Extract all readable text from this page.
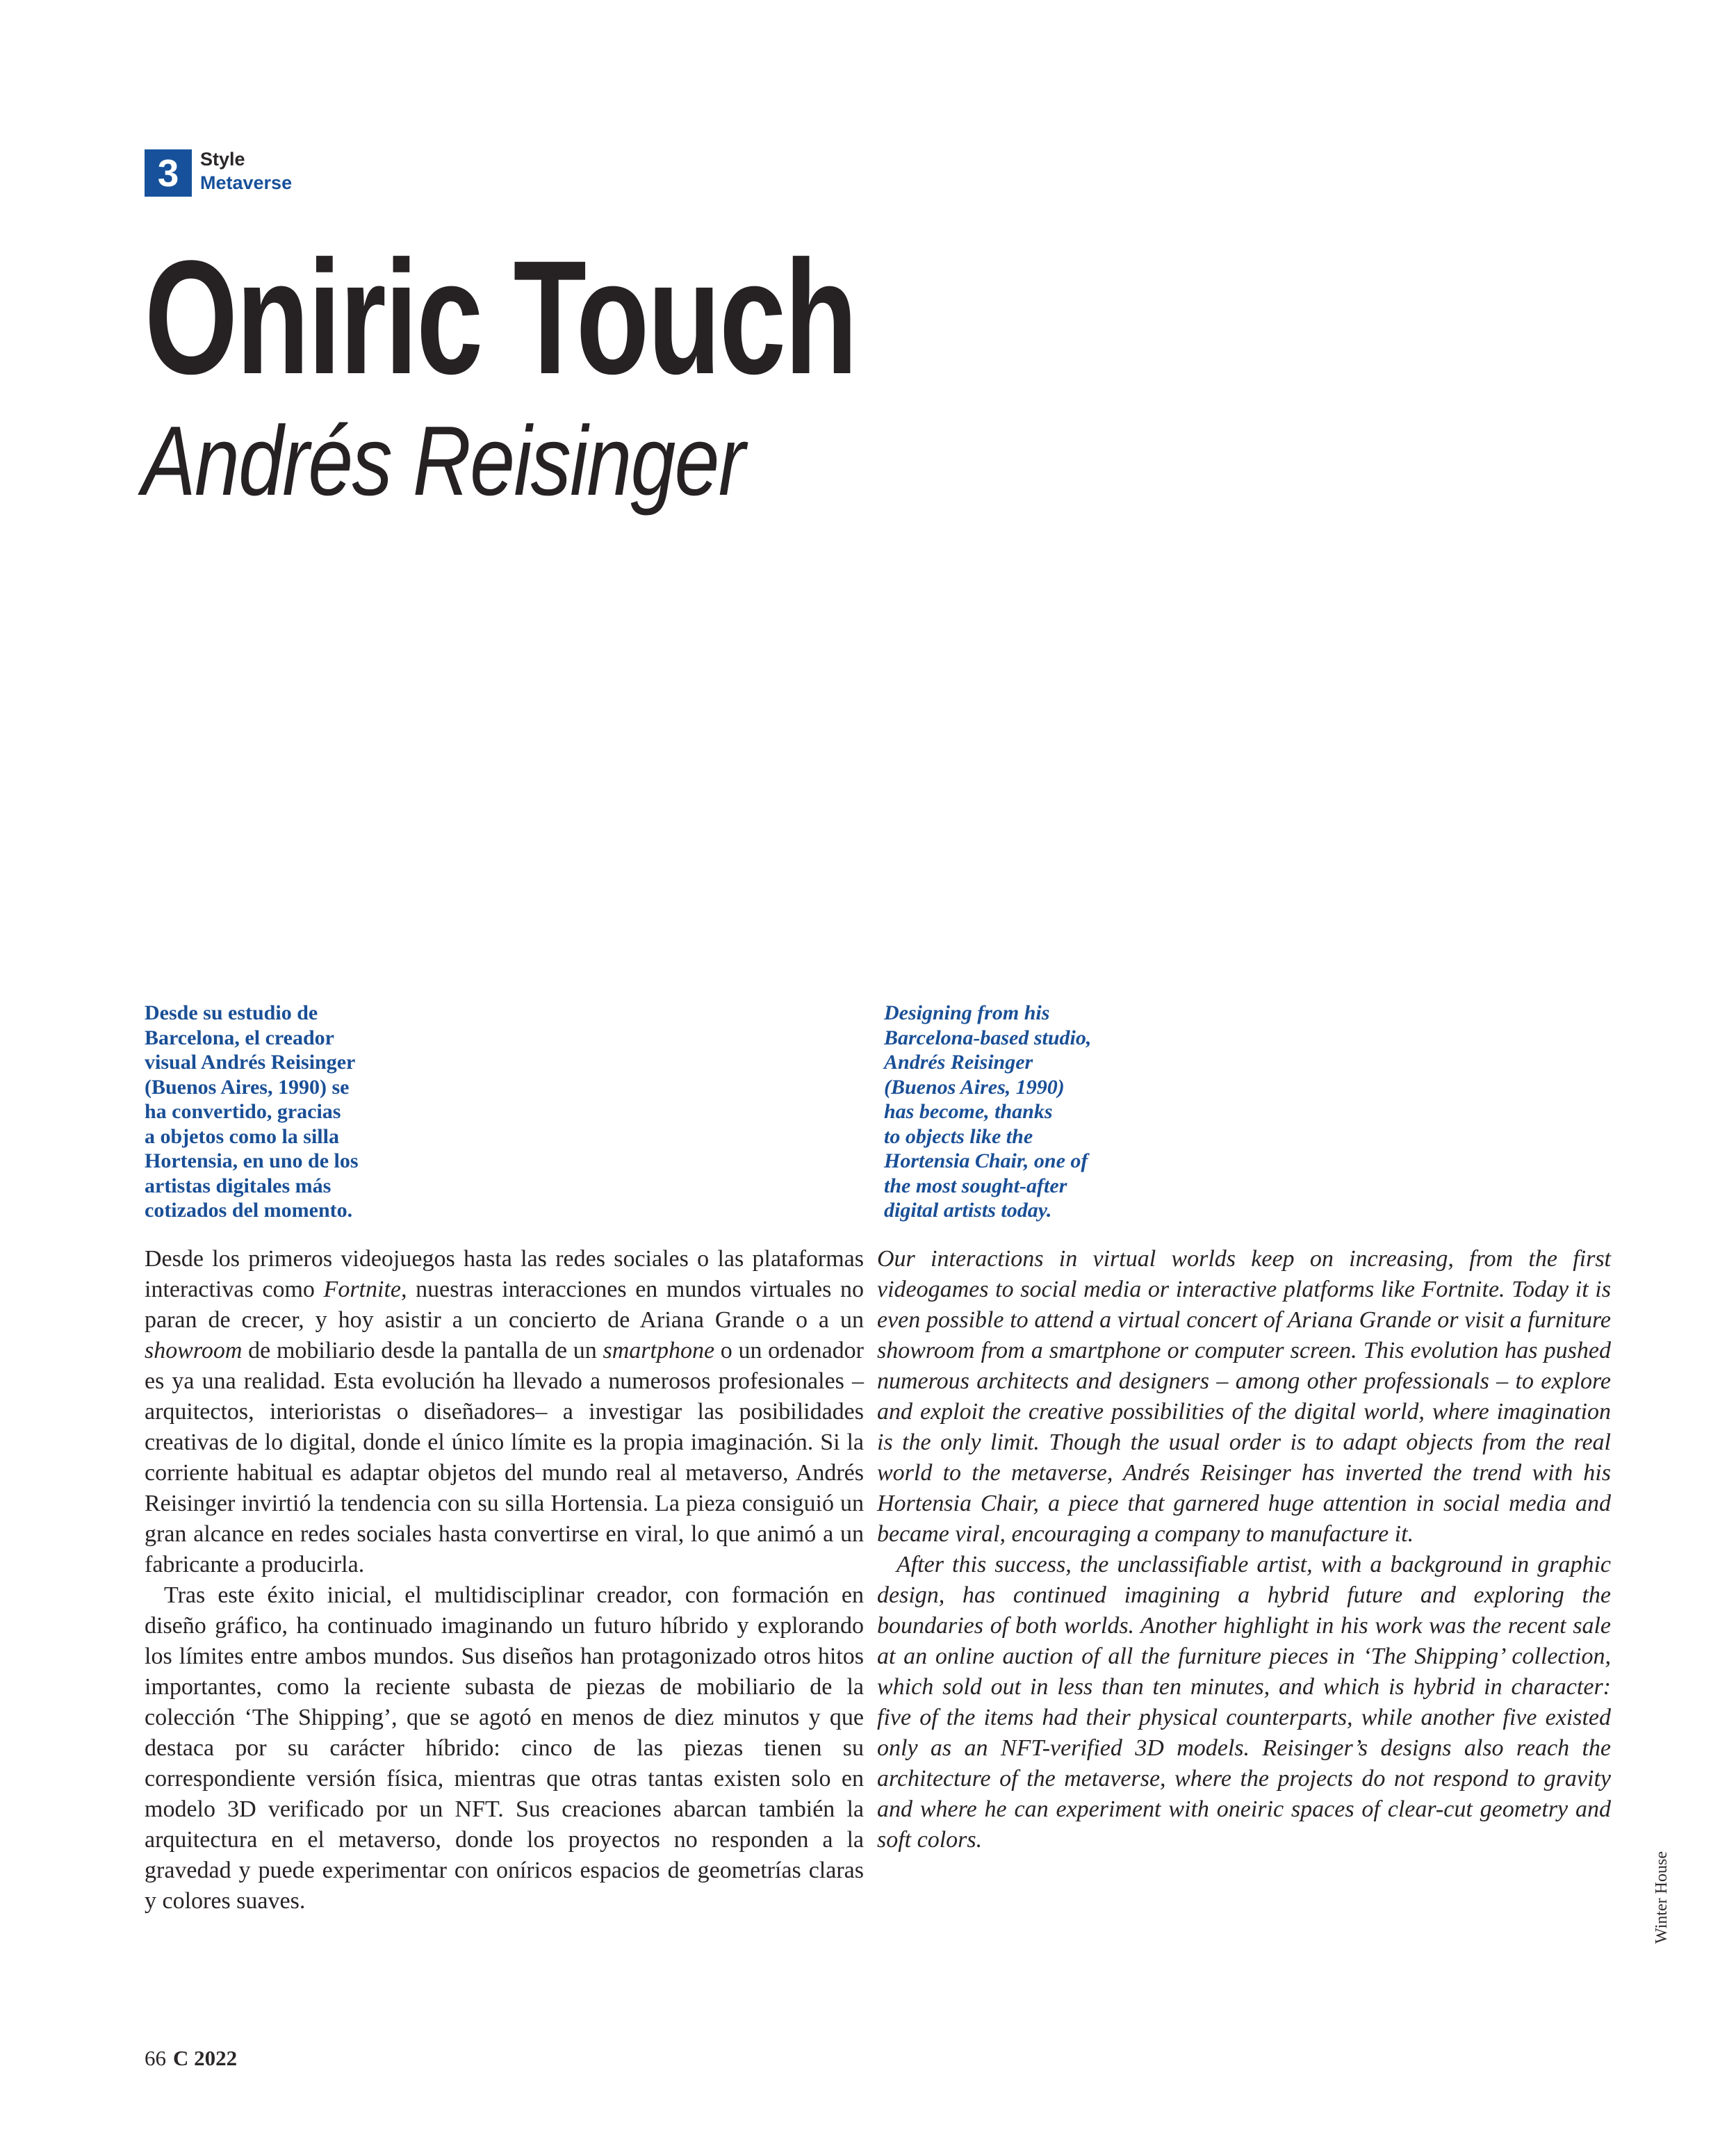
3 Style
Metaverse
Oniric Touch
Andrés Reisinger
Desde su estudio de
Barcelona, el creador
visual Andrés Reisinger
(Buenos Aires, 1990) se
ha convertido, gracias
a objetos como la silla
Hortensia, en uno de los
artistas digitales más
cotizados del momento.
Designing from his
Barcelona-based studio,
Andrés Reisinger
(Buenos Aires, 1990)
has become, thanks
to objects like the
Hortensia Chair, one of
the most sought-after
digital artists today.

Desde los primeros videojuegos hasta las redes sociales o las plataformas interactivas como Fortnite, nuestras interacciones en mundos virtuales no paran de crecer, y hoy asistir a un concierto de Ariana Grande o a un showroom de mobiliario desde la pantalla de un smartphone o un ordenador es ya una realidad. Esta evolución ha llevado a numerosos profesionales –arquitectos, interioristas o diseñadores– a investigar las posibilidades creativas de lo digital, donde el único límite es la propia imaginación. Si la corriente habitual es adaptar objetos del mundo real al metaverso, Andrés Reisinger invirtió la tendencia con su silla Hortensia. La pieza consiguió un gran alcance en redes sociales hasta convertirse en viral, lo que animó a un fabricante a producirla.

Tras este éxito inicial, el multidisciplinar creador, con formación en diseño gráfico, ha continuado imaginando un futuro híbrido y explorando los límites entre ambos mundos. Sus diseños han protagonizado otros hitos importantes, como la reciente subasta de piezas de mobiliario de la colección ‘The Shipping’, que se agotó en menos de diez minutos y que destaca por su carácter híbrido: cinco de las piezas tienen su correspondiente versión física, mientras que otras tantas existen solo en modelo 3D verificado por un NFT. Sus creaciones abarcan también la arquitectura en el metaverso, donde los proyectos no responden a la gravedad y puede experimentar con oníricos espacios de geometrías claras y colores suaves.

Our interactions in virtual worlds keep on increasing, from the first videogames to social media or interactive platforms like Fortnite. Today it is even possible to attend a virtual concert of Ariana Grande or visit a furniture showroom from a smartphone or computer screen. This evolution has pushed numerous architects and designers – among other professionals – to explore and exploit the creative possibilities of the digital world, where imagination is the only limit. Though the usual order is to adapt objects from the real world to the metaverse, Andrés Reisinger has inverted the trend with his Hortensia Chair, a piece that garnered huge attention in social media and became viral, encouraging a company to manufacture it.

After this success, the unclassifiable artist, with a background in graphic design, has continued imagining a hybrid future and exploring the boundaries of both worlds. Another highlight in his work was the recent sale at an online auction of all the furniture pieces in ‘The Shipping’ collection, which sold out in less than ten minutes, and which is hybrid in character: five of the items had their physical counterparts, while another five existed only as an NFT-verified 3D models. Reisinger’s designs also reach the architecture of the metaverse, where the projects do not respond to gravity and where he can experiment with oneiric spaces of clear-cut geometry and soft colors.

66 C 2022
Winter House
